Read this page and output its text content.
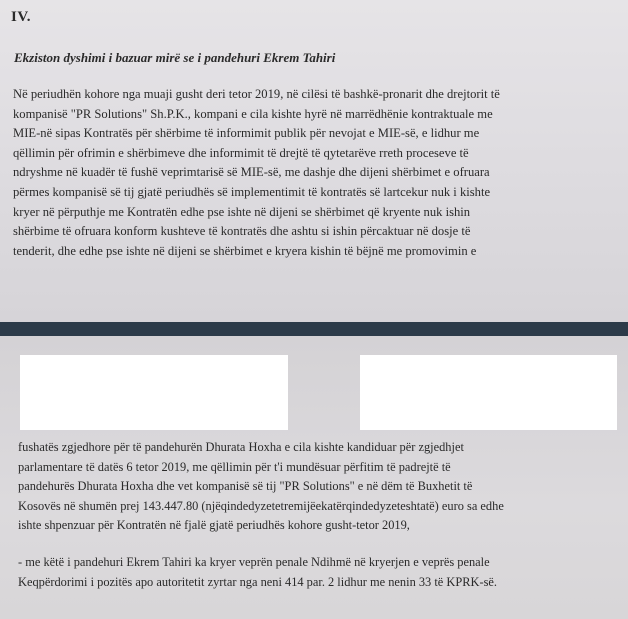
IV.
Ekziston dyshimi i bazuar mirë se i pandehuri Ekrem Tahiri
Në periudhën kohore nga muaji gusht deri tetor 2019, në cilësi të bashkë-pronarit dhe drejtorit të
kompanisë "PR Solutions" Sh.P.K., kompani e cila kishte hyrë në marrëdhënie kontraktuale me
MIE-në sipas Kontratës për shërbime të informimit publik për nevojat e MIE-së, e lidhur me
qëllimin për ofrimin e shërbimeve dhe informimit të drejtë të qytetarëve rreth proceseve të
ndryshme në kuadër të fushë veprimtarisë së MIE-së, me dashje dhe dijeni shërbimet e ofruara
përmes kompanisë së tij gjatë periudhës së implementimit të kontratës së lartcekur nuk i kishte
kryer në përputhje me Kontratën edhe pse ishte në dijeni se shërbimet që kryente nuk ishin
shërbime të ofruara konform kushteve të kontratës dhe ashtu si ishin përcaktuar në dosje të
tenderit, dhe edhe pse ishte në dijeni se shërbimet e kryera kishin të bëjnë me promovimin e
fushatës zgjedhore për të pandehurën Dhurata Hoxha e cila kishte kandiduar për zgjedhjet
parlamentare të datës 6 tetor 2019, me qëllimin për t'i mundësuar përfitim të padrejtë të
pandehurës Dhurata Hoxha dhe vet kompanisë së tij "PR Solutions" e në dëm të Buxhetit të
Kosovës në shumën prej 143.447.80 (njëqindedyzetetremijëekatërqindedyzeteshtatë) euro sa edhe
ishte shpenzuar për Kontratën në fjalë gjatë periudhës kohore gusht-tetor 2019,
- me këtë i pandehuri Ekrem Tahiri ka kryer veprën penale Ndihmë në kryerjen e veprës penale
Keqpërdorimi i pozitës apo autoritetit zyrtar nga neni 414 par. 2 lidhur me nenin 33 të KPRK-së.
